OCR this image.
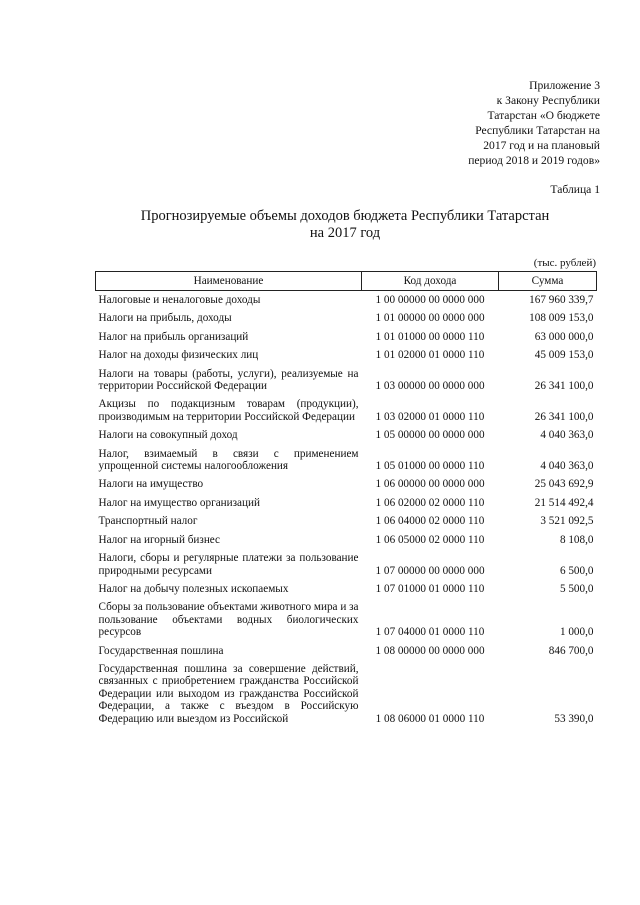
Приложение 3
к Закону Республики
Татарстан «О бюджете
Республики Татарстан на
2017 год и на плановый
период 2018 и 2019 годов»
Таблица 1
Прогнозируемые объемы доходов бюджета Республики Татарстан
на 2017 год
(тыс. рублей)
Наименование	Код дохода	Сумма
Налоговые и неналоговые доходы	1 00 00000 00 0000 000	167 960 339,7
Налоги на прибыль, доходы	1 01 00000 00 0000 000	108 009 153,0
Налог на прибыль организаций	1 01 01000 00 0000 110	63 000 000,0
Налог на доходы физических лиц	1 01 02000 01 0000 110	45 009 153,0
Налоги на товары (работы, услуги), реализуемые на территории Российской Федерации	1 03 00000 00 0000 000	26 341 100,0
Акцизы по подакцизным товарам (продукции), производимым на территории Российской Федерации	1 03 02000 01 0000 110	26 341 100,0
Налоги на совокупный доход	1 05 00000 00 0000 000	4 040 363,0
Налог, взимаемый в связи с применением упрощенной системы налогообложения	1 05 01000 00 0000 110	4 040 363,0
Налоги на имущество	1 06 00000 00 0000 000	25 043 692,9
Налог на имущество организаций	1 06 02000 02 0000 110	21 514 492,4
Транспортный налог	1 06 04000 02 0000 110	3 521 092,5
Налог на игорный бизнес	1 06 05000 02 0000 110	8 108,0
Налоги, сборы и регулярные платежи за пользование природными ресурсами	1 07 00000 00 0000 000	6 500,0
Налог на добычу полезных ископаемых	1 07 01000 01 0000 110	5 500,0
Сборы за пользование объектами животного мира и за пользование объектами водных биологических ресурсов	1 07 04000 01 0000 110	1 000,0
Государственная пошлина	1 08 00000 00 0000 000	846 700,0
Государственная пошлина за совершение действий, связанных с приобретением гражданства Российской Федерации или выходом из гражданства Российской Федерации, а также с въездом в Российскую Федерацию или выездом из Российской	1 08 06000 01 0000 110	53 390,0
